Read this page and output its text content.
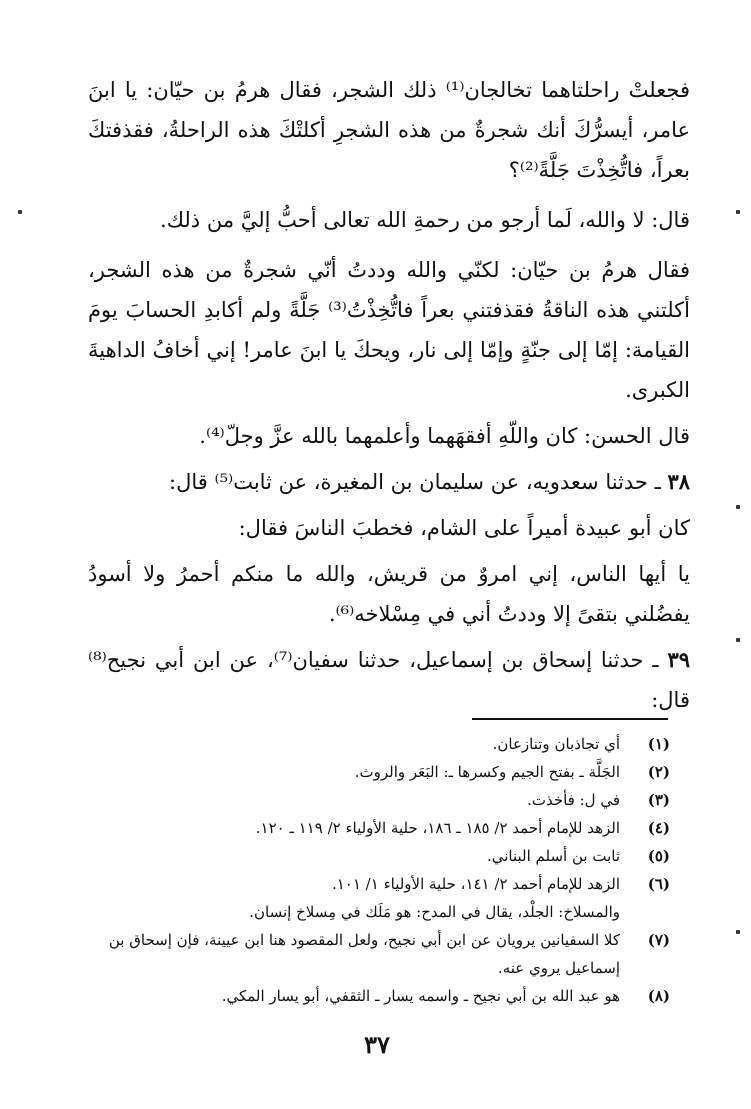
فجعلتْ راحلتاهما تخالجان⁽¹⁾ ذلك الشجر، فقال هرمُ بن حيّان: يا ابنَ عامر، أيسرُّكَ أنك شجرةٌ من هذه الشجرِ أكلتْكَ هذه الراحلةُ، فقذفتكَ بعراً، فاتُّخِذْتَ جَلَّةً⁽²⁾؟

قال: لا والله، لَما أرجو من رحمةِ الله تعالى أحبُّ إليَّ من ذلك.

فقال هرمُ بن حيّان: لكنّي والله وددتُ أنّي شجرةٌ من هذه الشجر، أكلتني هذه الناقةُ فقذفتني بعراً فاتُّخِذْتُ⁽³⁾ جَلَّةً ولم أكابدِ الحسابَ يومَ القيامة: إمّا إلى جنّةٍ وإمّا إلى نار، ويحكَ يا ابنَ عامر! إني أخافُ الداهيةَ الكبرى.

قال الحسن: كان واللّهِ أفقهَهما وأعلمهما بالله عزَّ وجلّ⁽⁴⁾.

٣٨ ـ حدثنا سعدويه، عن سليمان بن المغيرة، عن ثابت⁽⁵⁾ قال:

كان أبو عبيدة أميراً على الشام، فخطبَ الناسَ فقال:

يا أيها الناس، إني امروٌ من قريش، والله ما منكم أحمرُ ولا أسودُ يفضُلني بتقىً إلا وددتُ أني في مِسْلاخه⁽⁶⁾.

٣٩ ـ حدثنا إسحاق بن إسماعيل، حدثنا سفيان⁽⁷⁾، عن ابن أبي نجيح⁽⁸⁾ قال:

(١)
أي تجاذبان وتنازعان.
(٢)
الجَلَّة ـ بفتح الجيم وكسرها ـ: البَعَر والروث.
(٣)
في ل: فأخذت.
(٤)
الزهد للإمام أحمد ٢/ ١٨٥ ـ ١٨٦، حلية الأولياء ٢/ ١١٩ ـ ١٢٠.
(٥)
ثابت بن أسلم البناني.
(٦)
الزهد للإمام أحمد ٢/ ١٤١، حلية الأولياء ١/ ١٠١.
والمسلاخ: الجلْد، يقال في المدح: هو مَلَك في مِسلاخ إنسان.
(٧)
كلا السفيانين يرويان عن ابن أبي نجيح، ولعل المقصود هنا ابن عيينة، فإن إسحاق بن إسماعيل يروي عنه.
(٨)
هو عبد الله بن أبي نجيح ـ واسمه يسار ـ الثقفي، أبو يسار المكي.
٣٧
